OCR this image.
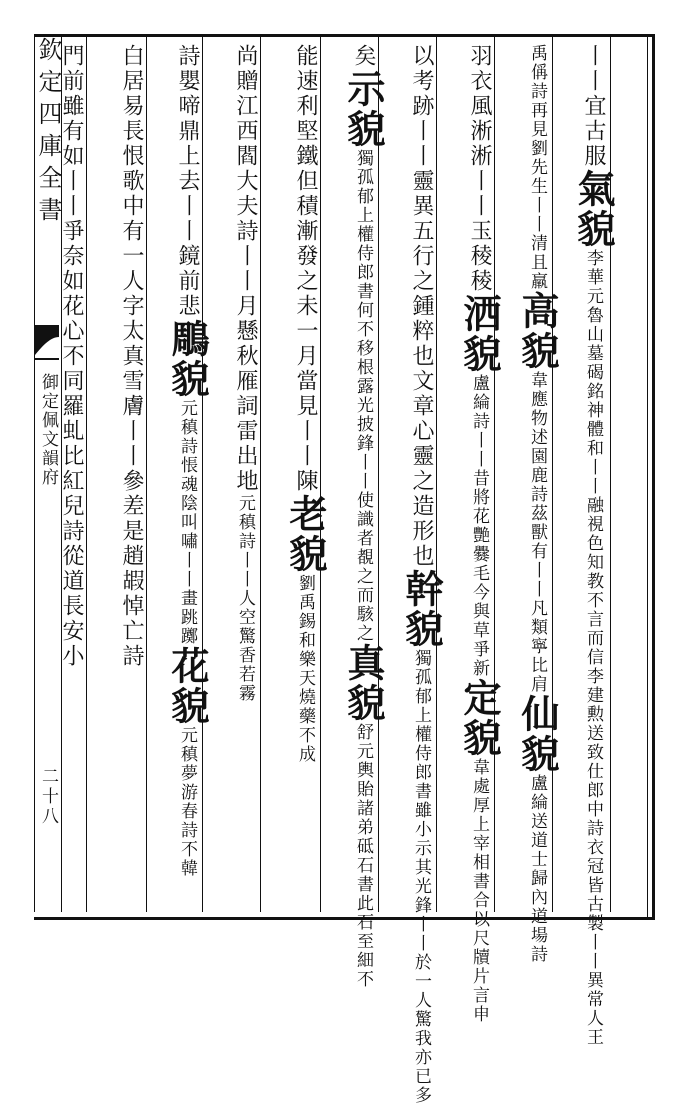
欽定四庫全書
御定佩文韻府
二十八
丨丨宜古服氣貌李華元魯山墓碣銘神體和丨丨融視色知教不言而信李建勲送致仕郎中詩衣冠皆古製丨丨異常人王
禹偁詩再見劉先生丨丨清且羸高貌韋應物述園鹿詩茲獸有丨丨凡類寧比肩仙貌盧綸送道士歸內道場詩
羽衣風淅淅丨丨玉稜稜洒貌盧綸詩丨丨昔將花艷爨毛今與草爭新定貌韋處厚上宰相書合以尺牘片言申
以考跡丨丨靈異五行之鍾粹也文章心靈之造形也幹貌獨孤郁上權侍郎書雖小示其光鋒丨丨於一人驚我亦已多
矣示貌獨孤郁上權侍郎書何不移根露光披鋒丨丨使識者覩之而駭之真貌舒元輿貽諸弟砥石書此石至細不
能速利堅鐵但積漸發之未一月當見丨丨陳老貌劉禹錫和樂天燒藥不成
尚贈江西閻大夫詩丨丨月懸秋雁詞雷出地元稹詩丨丨人空驚香若霧
詩嬰啼鼎上去丨丨鏡前悲鵰貌元稹詩悵魂陰叫嘯丨丨畫跳躑花貌元稹夢游春詩不韓
白居易長恨歌中有一人字太真雪膚丨丨參差是趙嘏悼亡詩
門前雖有如丨丨爭奈如花心不同羅虬比紅兒詩從道長安小
